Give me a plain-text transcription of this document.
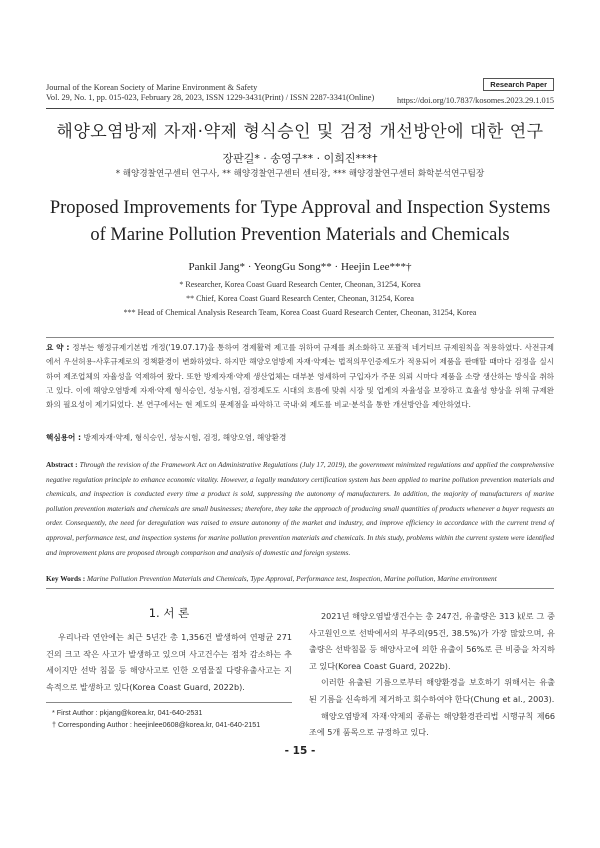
Journal of the Korean Society of Marine Environment & Safety
Vol. 29, No. 1, pp. 015-023, February 28, 2023, ISSN 1229-3431(Print) / ISSN 2287-3341(Online)
Research Paper
https://doi.org/10.7837/kosomes.2023.29.1.015
해양오염방제 자재·약제 형식승인 및 검정 개선방안에 대한 연구
장판길* · 송영구** · 이희진***†
* 해양경찰연구센터 연구사, ** 해양경찰연구센터 센터장, *** 해양경찰연구센터 화학분석연구팀장
Proposed Improvements for Type Approval and Inspection Systems of Marine Pollution Prevention Materials and Chemicals
Pankil Jang* · YeongGu Song** · Heejin Lee***†
* Researcher, Korea Coast Guard Research Center, Cheonan, 31254, Korea
** Chief, Korea Coast Guard Research Center, Cheonan, 31254, Korea
*** Head of Chemical Analysis Research Team, Korea Coast Guard Research Center, Cheonan, 31254, Korea
요 약 : 정부는 행정규제기본법 개정('19.07.17)을 통하여 경제활력 제고를 위하여 규제를 최소화하고 포괄적 네거티브 규제원칙을 적용하였다. 사전규제에서 우선허용-사후규제로의 정책환경이 변화하였다. 하지만 해양오염방제 자재·약제는 법적의무인증제도가 적용되어 제품을 판매할 때마다 검정을 실시하여 제조업체의 자율성을 억제하여 왔다. 또한 방제자재·약제 생산업체는 대부분 영세하여 구입자가 주문 의뢰 시마다 제품을 소량 생산하는 방식을 취하고 있다. 이에 해양오염방제 자재·약제 형식승인, 성능시험, 검정제도도 시대의 흐름에 맞춰 시장 및 업계의 자율성을 보장하고 효율성 향상을 위해 규제완화의 필요성이 제기되었다. 본 연구에서는 현 제도의 문제점을 파악하고 국내·외 제도를 비교·분석을 통한 개선방안을 제안하였다.
핵심용어 : 방제자재·약제, 형식승인, 성능시험, 검정, 해양오염, 해양환경
Abstract : Through the revision of the Framework Act on Administrative Regulations (July 17, 2019), the government minimized regulations and applied the comprehensive negative regulation principle to enhance economic vitality. However, a legally mandatory certification system has been applied to marine pollution prevention materials and chemicals, and inspection is conducted every time a product is sold, suppressing the autonomy of manufacturers. In addition, the majority of manufacturers of marine pollution prevention materials and chemicals are small businesses; therefore, they take the approach of producing small quantities of products whenever a buyer requests an order. Consequently, the need for deregulation was raised to ensure autonomy of the market and industry, and improve efficiency in accordance with the current trend of approval, performance test, and inspection systems for marine pollution prevention materials and chemicals. In this study, problems within the current system were identified and improvement plans are proposed through comparison and analysis of domestic and foreign systems.
Key Words : Marine Pollution Prevention Materials and Chemicals, Type Approval, Performance test, Inspection, Marine pollution, Marine environment
1. 서 론

우리나라 연안에는 최근 5년간 총 1,356건 발생하여 연평균 271건의 크고 작은 사고가 발생하고 있으며 사고건수는 점차 감소하는 추세이지만 선박 침몰 등 해양사고로 인한 오염물질 다량유출사고는 지속적으로 발생하고 있다(Korea Coast Guard, 2022b).

2021년 해양오염발생건수는 총 247건, 유출량은 313 ㎘로 그 중 사고원인으로 선박에서의 부주의(95건, 38.5%)가 가장 많았으며, 유출량은 선박침몰 등 해양사고에 의한 유출이 56%로 큰 비중을 차지하고 있다(Korea Coast Guard, 2022b).

이러한 유출된 기름으로부터 해양환경을 보호하기 위해서는 유출된 기름을 신속하게 제거하고 회수하여야 한다(Chung et al., 2003).

해양오염방제 자재·약제의 종류는 해양환경관리법 시행규칙 제66조에 5개 품목으로 규정하고 있다.

* First Author : pkjang@korea.kr, 041-640-2531
† Corresponding Author : heejinlee0608@korea.kr, 041-640-2151
- 15 -
